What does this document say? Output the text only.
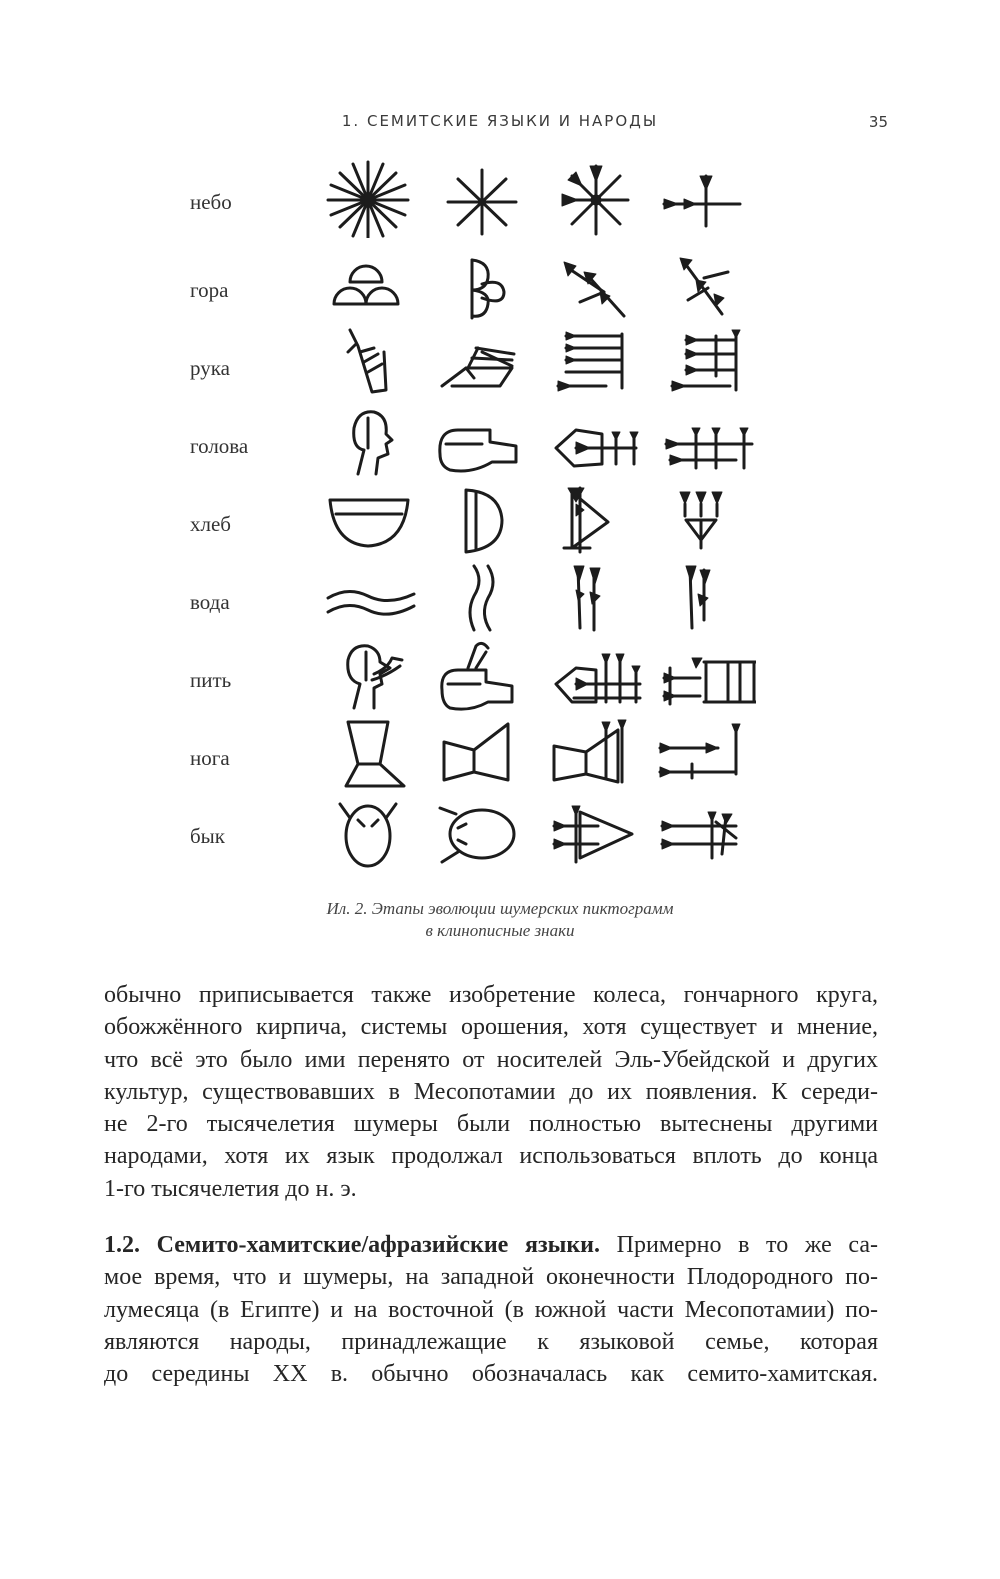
1. СЕМИТСКИЕ ЯЗЫКИ И НАРОДЫ	35
небо
гора
рука
голова
хлеб
вода
пить
нога
бык
Ил. 2. Этапы эволюции шумерских пиктограмм
в клинописные знаки
обычно приписывается также изобретение колеса, гончарного круга,
обожжённого кирпича, системы орошения, хотя существует и мнение,
что всё это было ими перенято от носителей Эль-Убейдской и других
культур, существовавших в Месопотамии до их появления. К середи-
не 2-го тысячелетия шумеры были полностью вытеснены другими
народами, хотя их язык продолжал использоваться вплоть до конца
1-го тысячелетия до н. э.
1.2. Семито-хамитские/афразийские языки. Примерно в то же са-
мое время, что и шумеры, на западной оконечности Плодородного по-
лумесяца (в Египте) и на восточной (в южной части Месопотамии) по-
являются народы, принадлежащие к языковой семье, которая
до середины XX в. обычно обозначалась как семито-хамитская.
